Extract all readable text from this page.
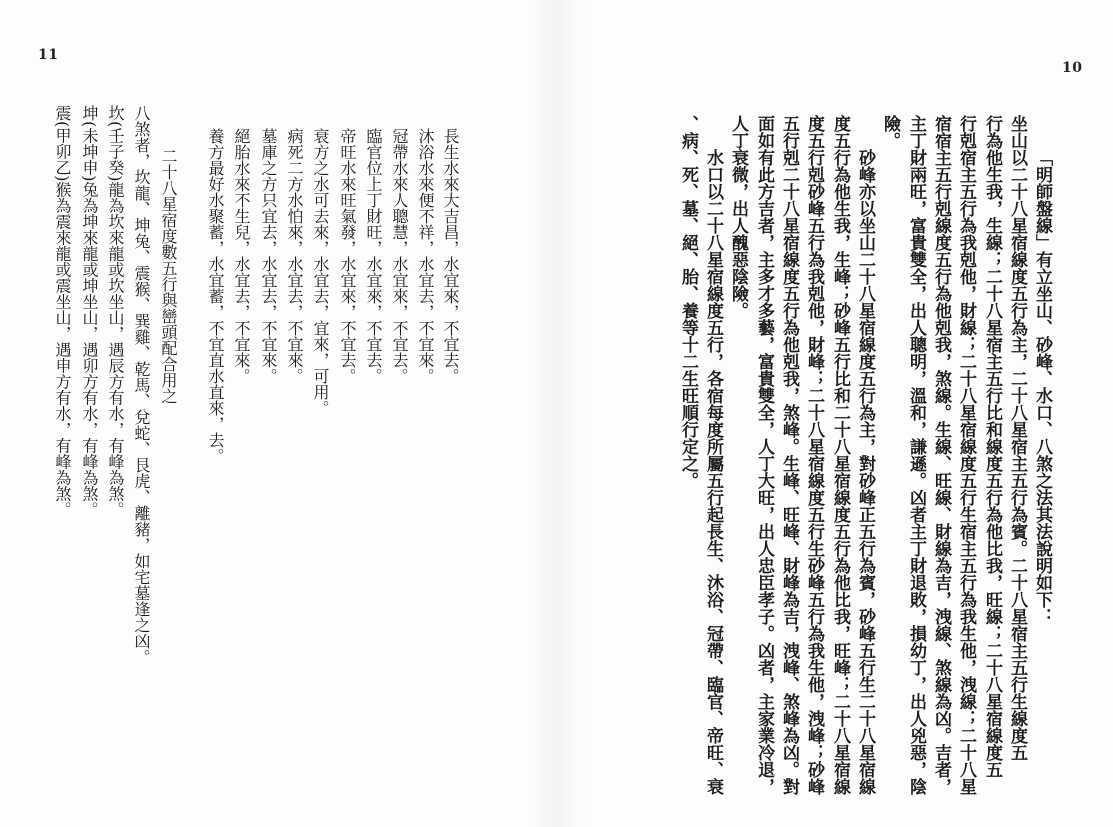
11
長生水來大吉昌，水宜來，不宜去。
沐浴水來便不祥，水宜去，不宜來。
冠帶水來人聰慧，水宜來，不宜去。
臨官位上丁財旺，水宜來，不宜去。
帝旺水來旺氣發，水宜來，不宜去。
衰方之水可去來，水宜去，宜來，可用。
病死二方水怕來，水宜去，不宜來。
墓庫之方只宜去，水宜去，不宜來。
絕胎水來不生兒，水宜去，不宜來。
養方最好水聚蓄，水宜蓄，不宜直水直來，去。
二十八星宿度數五行與巒頭配合用之
八煞者，坎龍、坤兔、震猴、巽雞、乾馬、兌蛇、艮虎、離豬，如宅墓逢之凶。
坎(壬子癸)龍為坎來龍或坎坐山，遇辰方有水，有峰為煞。
坤(未坤申)兔為坤來龍或坤坐山，遇卯方有水，有峰為煞。
震(甲卯乙)猴為震來龍或震坐山，遇申方有水，有峰為煞。
10
「明師盤線」有立坐山、砂峰、水口、八煞之法其法說明如下：
坐山以二十八星宿線度五行為主，二十八星宿主五行為賓。二十八星宿主五行生線度五
行為他生我，生線；二十八星宿主五行比和線度五行為他比我，旺線；二十八星宿線度五
行剋宿主五行為我剋他，財線；二十八星宿線度五行生宿主五行為我生他，洩線；二十八星
宿宿主五行剋線度五行為他剋我，煞線。生線、旺線、財線為吉，洩線、煞線為凶。吉者，
主丁財兩旺，富貴雙全，出人聰明，溫和，謙遜。凶者主丁財退敗，損幼丁，出人兇惡，陰
險。
砂峰亦以坐山二十八星宿線度五行為主，對砂峰正五行為賓，砂峰五行生二十八星宿線
度五行為他生我，生峰；砂峰五行比和二十八星宿線度五行為他比我，旺峰；二十八星宿線
度五行剋砂峰五行為我剋他，財峰；二十八星宿線度五行生砂峰五行為我生他，洩峰；砂峰
五行剋二十八星宿線度五行為他剋我，煞峰。生峰、旺峰、財峰為吉，洩峰、煞峰為凶。對
面如有此方吉者，主多才多藝，富貴雙全，人丁大旺，出人忠臣孝子。凶者，主家業冷退，
人丁衰微，出人醜惡陰險。
水口以二十八星宿線度五行，各宿每度所屬五行起長生、沐浴、冠帶、臨官、帝旺、衰
、病、死、墓、絕、胎、養等十二生旺順行定之。
